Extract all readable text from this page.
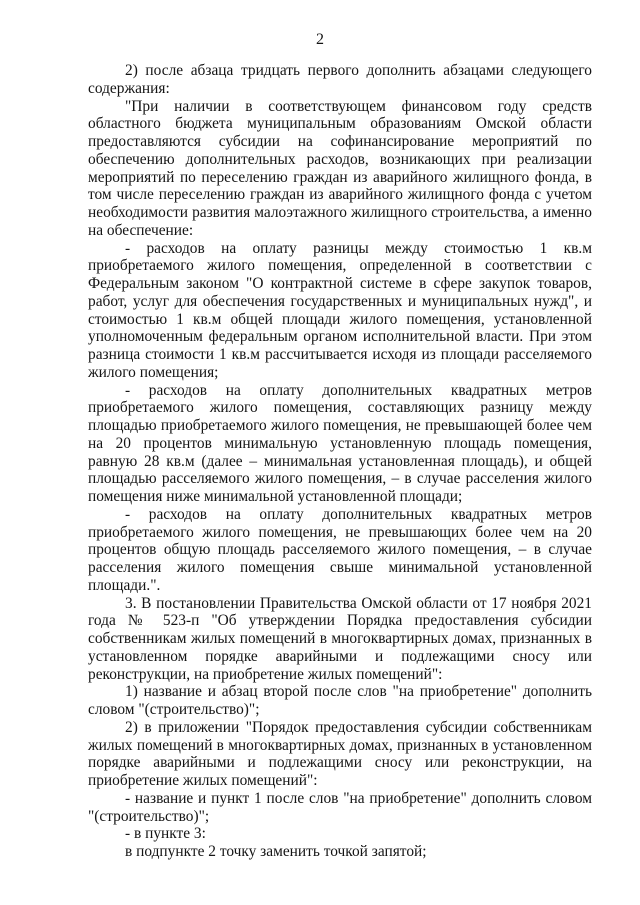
2

2) после абзаца тридцать первого дополнить абзацами следующего содержания:

"При наличии в соответствующем финансовом году средств областного бюджета муниципальным образованиям Омской области предоставляются субсидии на софинансирование мероприятий по обеспечению дополнительных расходов, возникающих при реализации мероприятий по переселению граждан из аварийного жилищного фонда, в том числе переселению граждан из аварийного жилищного фонда с учетом необходимости развития малоэтажного жилищного строительства, а именно на обеспечение:

- расходов на оплату разницы между стоимостью 1 кв.м приобретаемого жилого помещения, определенной в соответствии с Федеральным законом "О контрактной системе в сфере закупок товаров, работ, услуг для обеспечения государственных и муниципальных нужд", и стоимостью 1 кв.м общей площади жилого помещения, установленной уполномоченным федеральным органом исполнительной власти. При этом разница стоимости 1 кв.м рассчитывается исходя из площади расселяемого жилого помещения;

- расходов на оплату дополнительных квадратных метров приобретаемого жилого помещения, составляющих разницу между площадью приобретаемого жилого помещения, не превышающей более чем на 20 процентов минимальную установленную площадь помещения, равную 28 кв.м (далее – минимальная установленная площадь), и общей площадью расселяемого жилого помещения, – в случае расселения жилого помещения ниже минимальной установленной площади;

- расходов на оплату дополнительных квадратных метров приобретаемого жилого помещения, не превышающих более чем на 20 процентов общую площадь расселяемого жилого помещения, – в случае расселения жилого помещения свыше минимальной установленной площади.".

3. В постановлении Правительства Омской области от 17 ноября 2021 года № 523-п "Об утверждении Порядка предоставления субсидии собственникам жилых помещений в многоквартирных домах, признанных в установленном порядке аварийными и подлежащими сносу или реконструкции, на приобретение жилых помещений":

1) название и абзац второй после слов "на приобретение" дополнить словом "(строительство)";

2) в приложении "Порядок предоставления субсидии собственникам жилых помещений в многоквартирных домах, признанных в установленном порядке аварийными и подлежащими сносу или реконструкции, на приобретение жилых помещений":

- название и пункт 1 после слов "на приобретение" дополнить словом "(строительство)";

- в пункте 3:

в подпункте 2 точку заменить точкой запятой;
